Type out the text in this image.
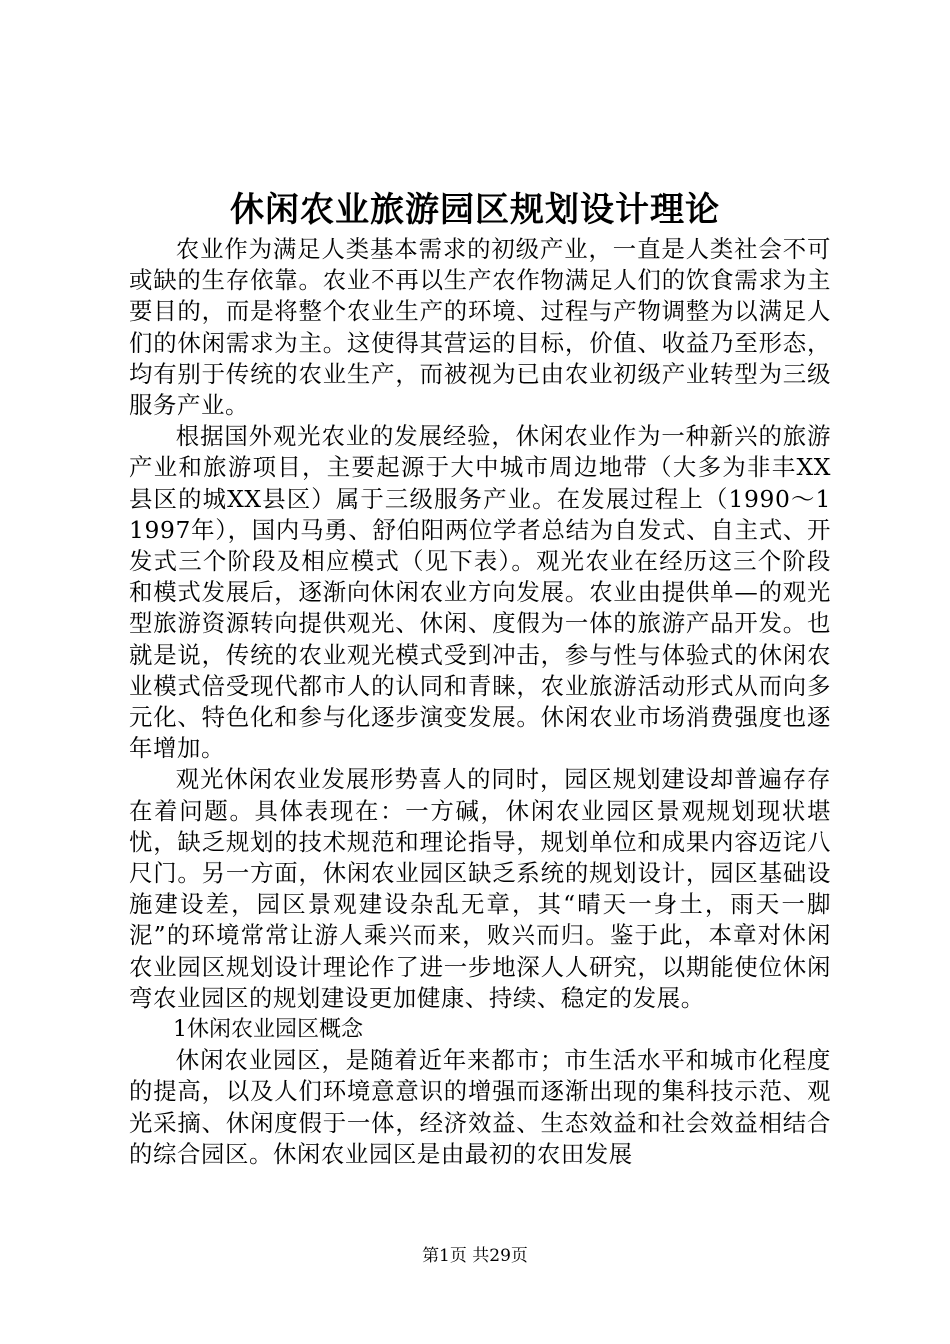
休闲农业旅游园区规划设计理论

农业作为满足人类基本需求的初级产业，一直是人类社会不可或缺的生存依靠。农业不再以生产农作物满足人们的饮食需求为主要目的，而是将整个农业生产的环境、过程与产物调整为以满足人们的休闲需求为主。这使得其营运的目标，价值、收益乃至形态，均有别于传统的农业生产，而被视为已由农业初级产业转型为三级服务产业。

根据国外观光农业的发展经验，休闲农业作为一种新兴的旅游产业和旅游项目，主要起源于大中城市周边地带（大多为非丰XX县区的城XX县区）属于三级服务产业。在发展过程上（1990～11997年），国内马勇、舒伯阳两位学者总结为自发式、自主式、开发式三个阶段及相应模式（见下表）。观光农业在经历这三个阶段和模式发展后，逐渐向休闲农业方向发展。农业由提供单—的观光型旅游资源转向提供观光、休闲、度假为一体的旅游产品开发。也就是说，传统的农业观光模式受到冲击，参与性与体验式的休闲农业模式倍受现代都市人的认同和青睐，农业旅游活动形式从而向多元化、特色化和参与化逐步演变发展。休闲农业市场消费强度也逐年增加。

观光休闲农业发展形势喜人的同时，园区规划建设却普遍存存在着问题。具体表现在：一方碱，休闲农业园区景观规划现状堪忧，缺乏规划的技术规范和理论指导，规划单位和成果内容迈诧八尺门。另一方面，休闲农业园区缺乏系统的规划设计，园区基础设施建设差，园区景观建设杂乱无章，其“晴天一身土，雨天一脚泥”的环境常常让游人乘兴而来，败兴而归。鉴于此，本章对休闲农业园区规划设计理论作了进一步地深人人研究，以期能使位休闲弯农业园区的规划建设更加健康、持续、稳定的发展。

1休闲农业园区概念

休闲农业园区，是随着近年来都市；市生活水平和城市化程度的提高，以及人们环境意意识的增强而逐渐出现的集科技示范、观光采摘、休闲度假于一体，经济效益、生态效益和社会效益相结合的综合园区。休闲农业园区是由最初的农田发展

第1页 共29页
